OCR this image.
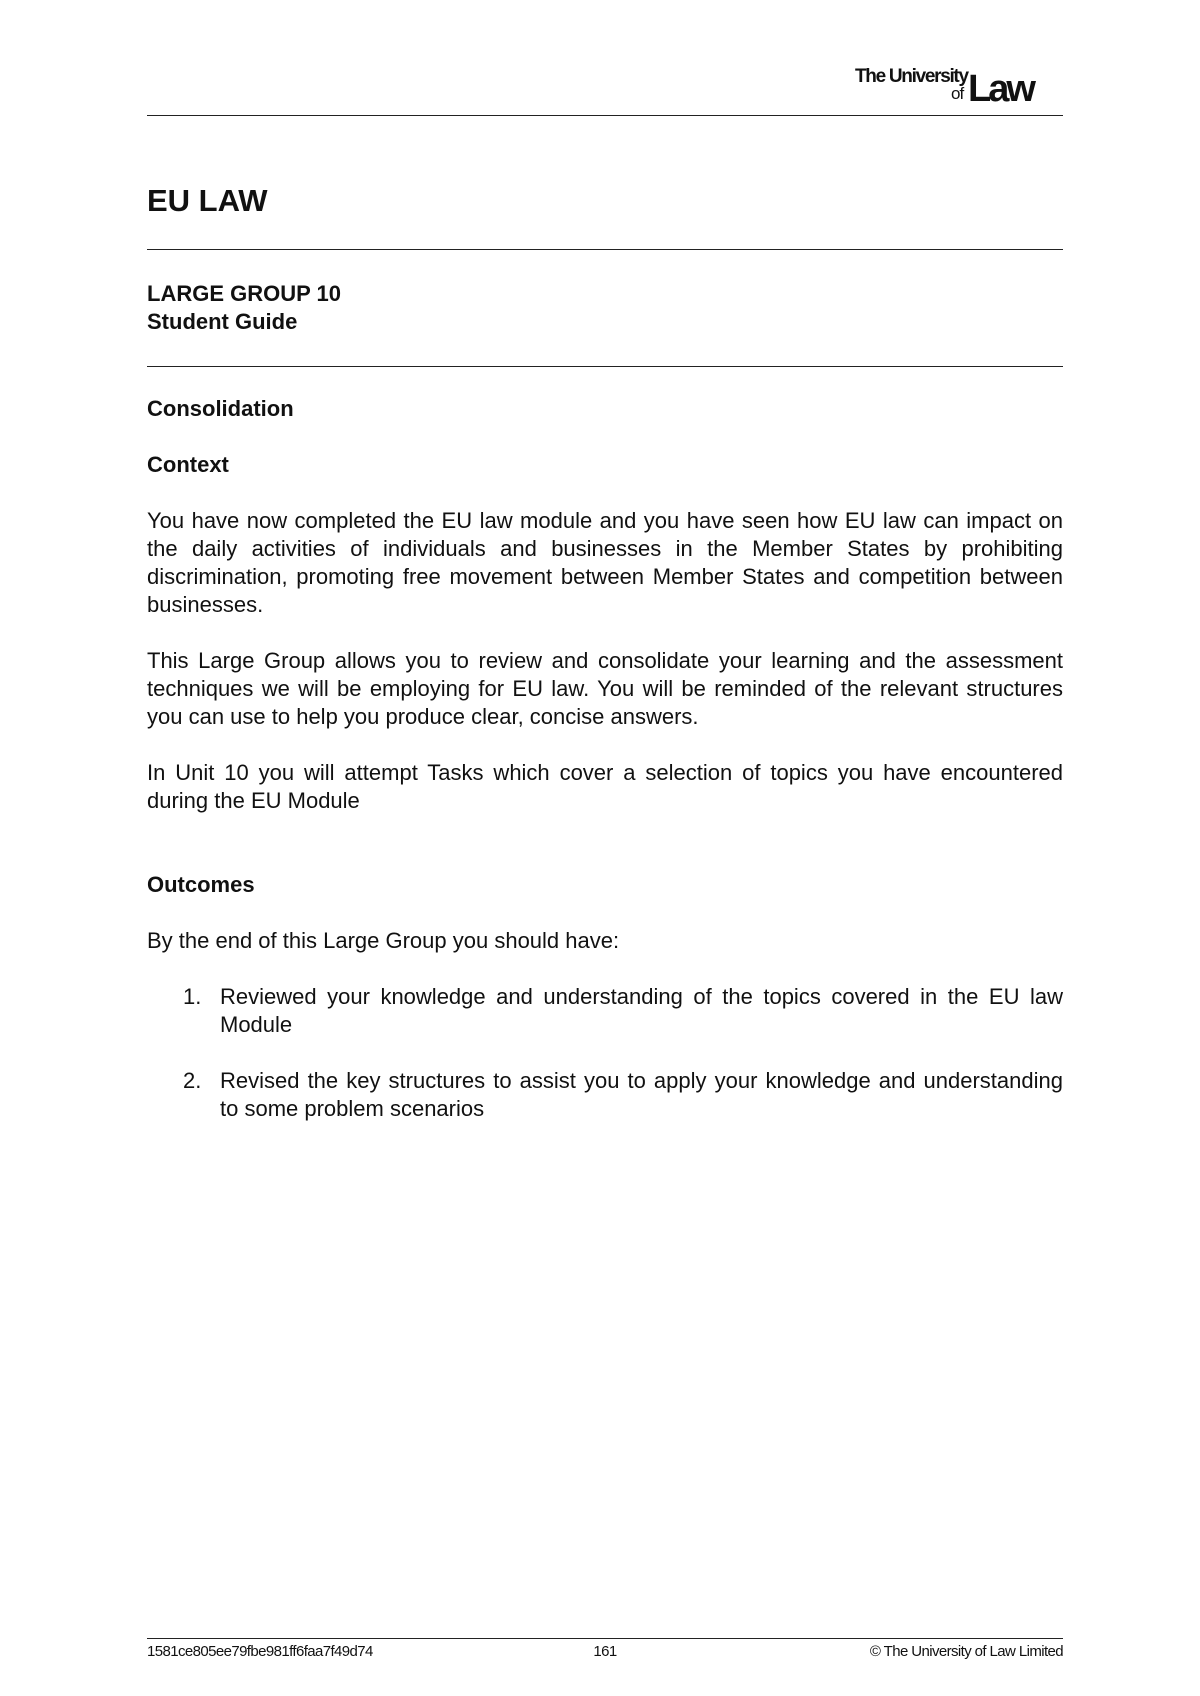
The University
of Law
EU LAW
LARGE GROUP 10
Student Guide
Consolidation
Context

You have now completed the EU law module and you have seen how EU law can impact on the daily activities of individuals and businesses in the Member States by prohibiting discrimination, promoting free movement between Member States and competition between businesses.

This Large Group allows you to review and consolidate your learning and the assessment techniques we will be employing for EU law. You will be reminded of the relevant structures you can use to help you produce clear, concise answers.

In Unit 10 you will attempt Tasks which cover a selection of topics you have encountered during the EU Module

Outcomes

By the end of this Large Group you should have:

1. Reviewed your knowledge and understanding of the topics covered in the EU law Module

2. Revised the key structures to assist you to apply your knowledge and understanding to some problem scenarios

1581ce805ee79fbe981ff6faa7f49d74	161	© The University of Law Limited
